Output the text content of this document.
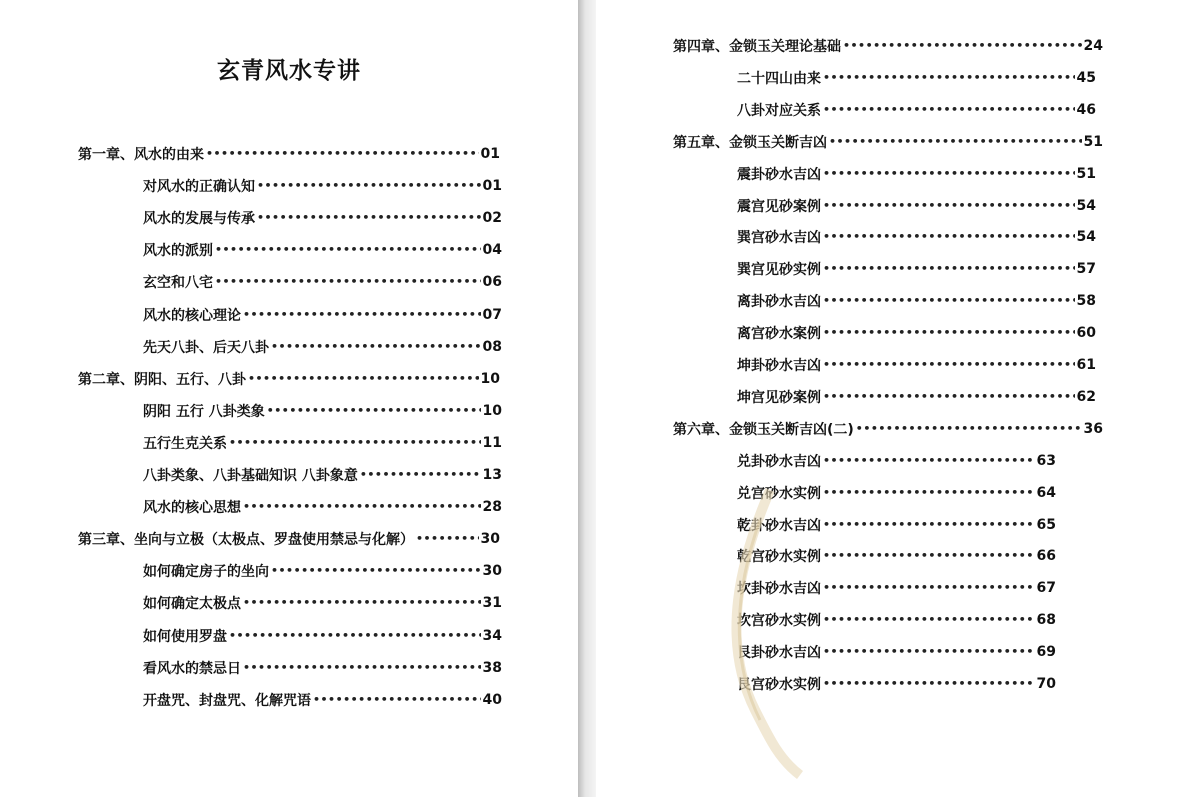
玄青风水专讲
第一章、风水的由来 •••••	01
对风水的正确认知 •••••	01
风水的发展与传承 •••••	02
风水的派别 •••••	04
玄空和八宅 •••••	06
风水的核心理论 •••••	07
先天八卦、后天八卦 •••••	08
第二章、阴阳、五行、八卦 •••••	10
阴阳 五行 八卦类象 •••••	10
五行生克关系 •••••	11
八卦类象、八卦基础知识 八卦象意 •••••	13
风水的核心思想 •••••	28
第三章、坐向与立极（太极点、罗盘使用禁忌与化解） •••••	30
如何确定房子的坐向 •••••	30
如何确定太极点 •••••	31
如何使用罗盘 •••••	34
看风水的禁忌日 •••••	38
开盘咒、封盘咒、化解咒语 •••••	40
第四章、金锁玉关理论基础 •••••	24
二十四山由来 •••••	45
八卦对应关系 •••••	46
第五章、金锁玉关断吉凶 •••••	51
震卦砂水吉凶 •••••	51
震宫见砂案例 •••••	54
巽宫砂水吉凶 •••••	54
巽宫见砂实例 •••••	57
离卦砂水吉凶 •••••	58
离宫砂水案例 •••••	60
坤卦砂水吉凶 •••••	61
坤宫见砂案例 •••••	62
第六章、金锁玉关断吉凶(二) •••••	36
兑卦砂水吉凶 •••••	63
兑宫砂水实例 •••••	64
乾卦砂水吉凶 •••••	65
乾宫砂水实例 •••••	66
坎卦砂水吉凶 •••••	67
坎宫砂水实例 •••••	68
艮卦砂水吉凶 •••••	69
艮宫砂水实例 •••••	70
